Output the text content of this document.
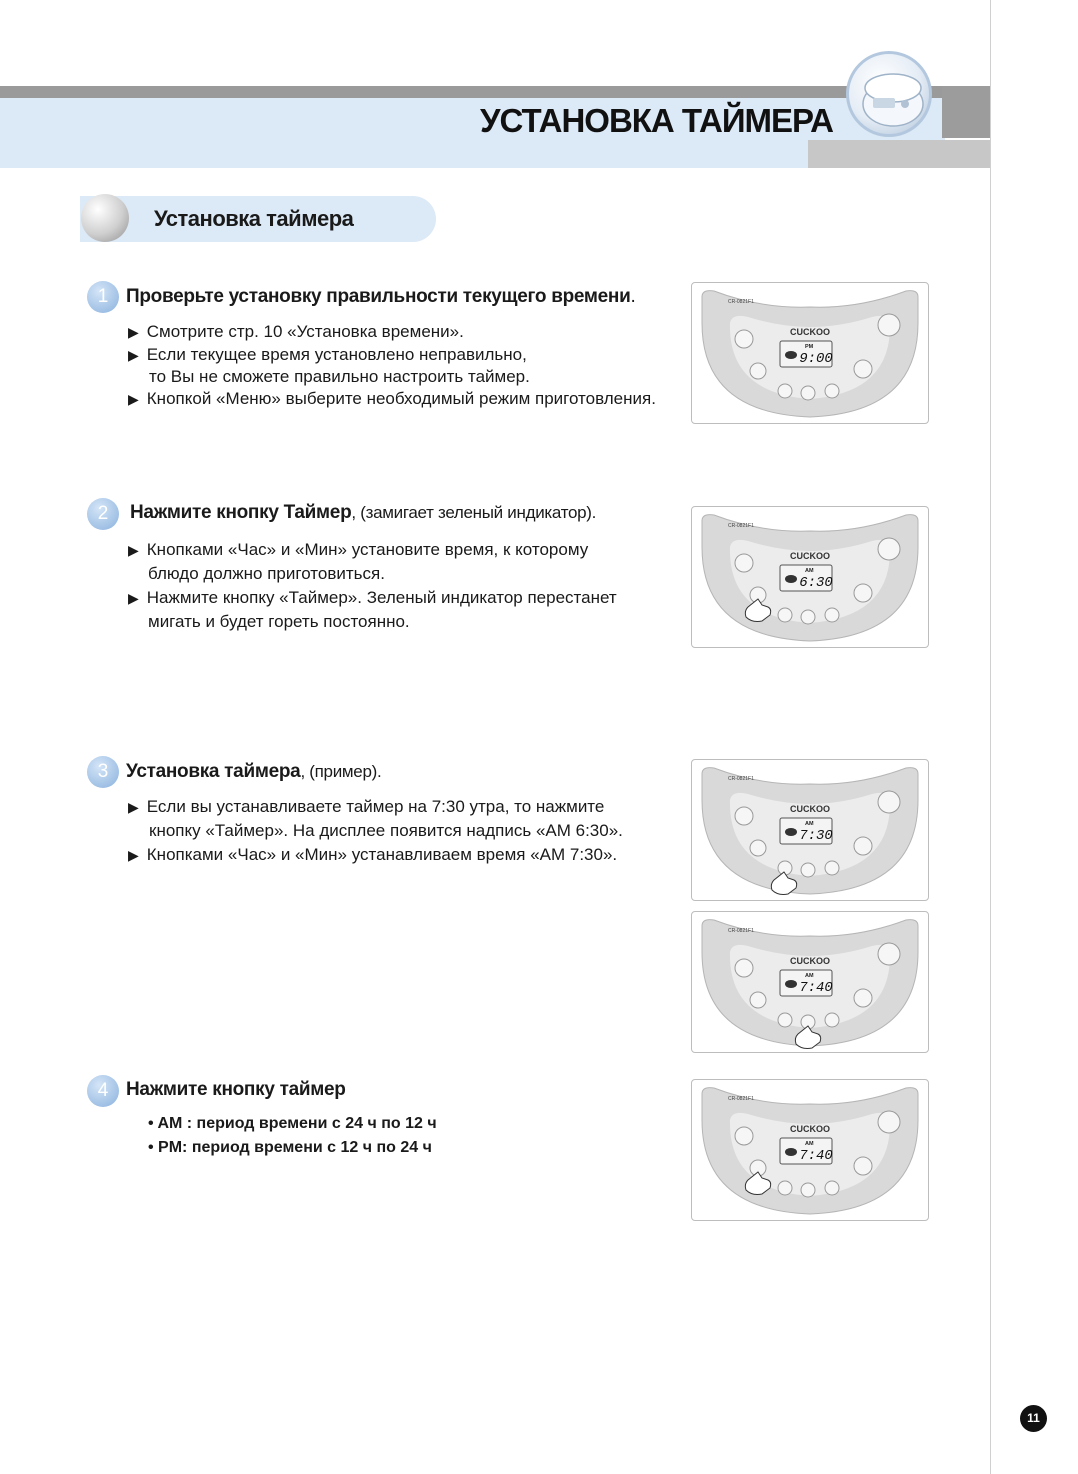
УСТАНОВКА ТАЙМЕРА
Установка таймера
1 Проверьте установку правильности текущего времени.
▶ Смотрите стр. 10 «Установка времени».
▶ Если текущее время установлено неправильно,
то Вы не сможете правильно настроить таймер.
▶ Кнопкой «Меню» выберите необходимый режим приготовления.
2	Нажмите кнопку Таймер, (замигает зеленый индикатор).
▶ Кнопками «Час» и «Мин» установите время, к которому
блюдо должно приготовиться.
▶ Нажмите кнопку «Таймер». Зеленый индикатор перестанет
мигать и будет гореть постоянно.
3 Установка таймера, (пример).
▶ Если вы устанавливаете таймер на 7:30 утра, то нажмите
кнопку «Таймер». На дисплее появится надпись «AM 6:30».
▶ Кнопками «Час» и «Мин» устанавливаем время «AM 7:30».
4 Нажмите кнопку таймер
• AM : период времени с 24 ч по 12 ч
• PM: период времени с 12 ч по 24 ч
CR-0821F1
CUCKOO
PM
9:00
CR-0821F1
CUCKOO
AM
6:30
CR-0821F1
CUCKOO
AM
7:30
CR-0821F1
CUCKOO
AM
7:40
CR-0821F1
CUCKOO
AM
7:40
11
